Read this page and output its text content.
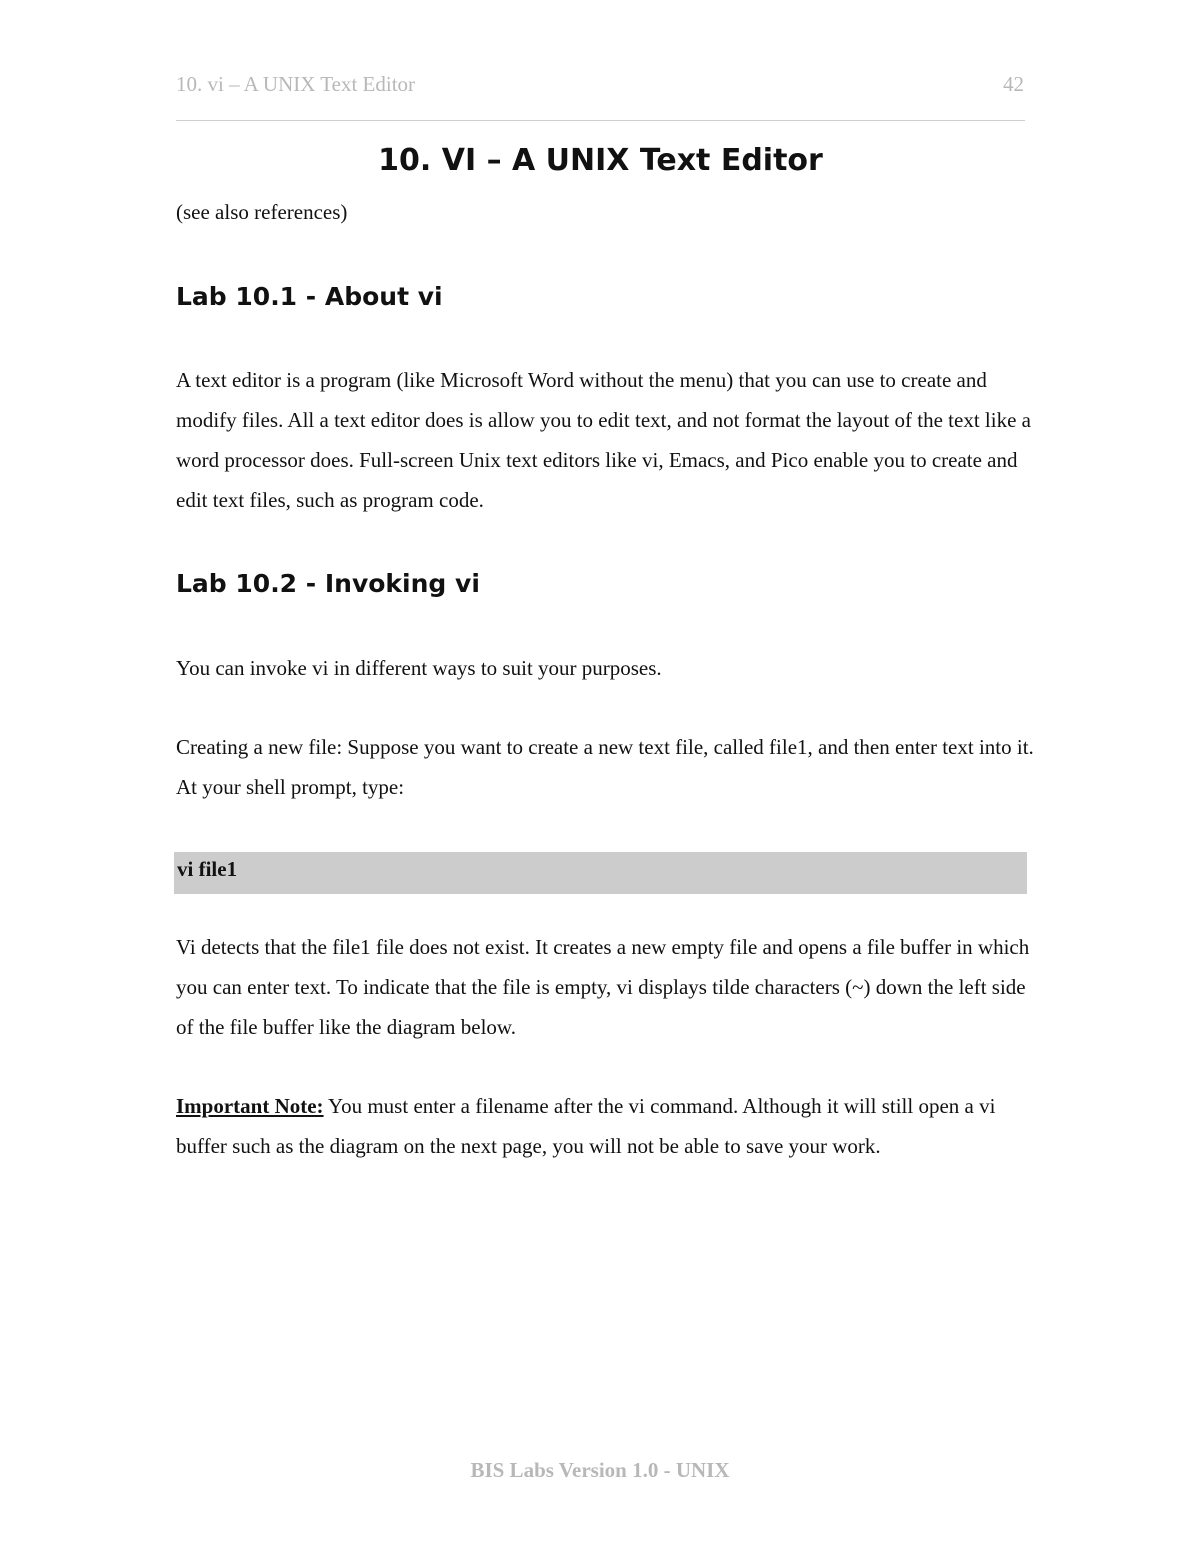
10. vi – A UNIX Text Editor	42
10. VI – A UNIX Text Editor
(see also references)
Lab 10.1 - About vi

A text editor is a program (like Microsoft Word without the menu) that you can use to create and modify files. All a text editor does is allow you to edit text, and not format the layout of the text like a word processor does. Full-screen Unix text editors like vi, Emacs, and Pico enable you to create and edit text files, such as program code.

Lab 10.2 - Invoking vi

You can invoke vi in different ways to suit your purposes.

Creating a new file: Suppose you want to create a new text file, called file1, and then enter text into it. At your shell prompt, type:

vi file1

Vi detects that the file1 file does not exist. It creates a new empty file and opens a file buffer in which you can enter text. To indicate that the file is empty, vi displays tilde characters (~) down the left side of the file buffer like the diagram below.

Important Note: You must enter a filename after the vi command. Although it will still open a vi buffer such as the diagram on the next page, you will not be able to save your work.

BIS Labs Version 1.0 - UNIX
